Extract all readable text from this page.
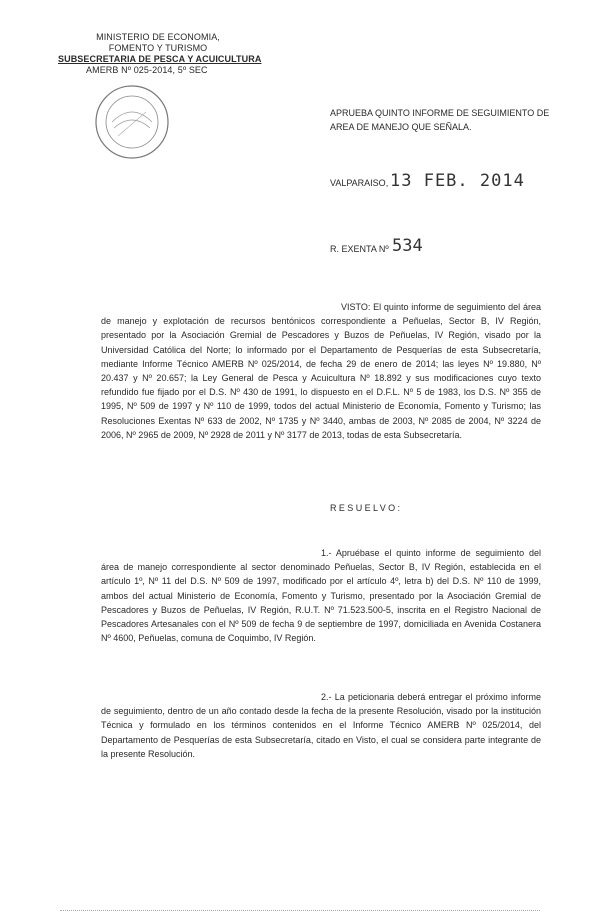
MINISTERIO DE ECONOMIA,
FOMENTO Y TURISMO
SUBSECRETARIA DE PESCA Y ACUICULTURA
AMERB Nº 025-2014, 5º SEC
APRUEBA QUINTO INFORME DE SEGUIMIENTO DE AREA DE MANEJO QUE SEÑALA.
VALPARAISO, 13 FEB. 2014
R. EXENTA Nº 534
VISTO: El quinto informe de seguimiento del área de manejo y explotación de recursos bentónicos correspondiente a Peñuelas, Sector B, IV Región, presentado por la Asociación Gremial de Pescadores y Buzos de Peñuelas, IV Región, visado por la Universidad Católica del Norte; lo informado por el Departamento de Pesquerías de esta Subsecretaría, mediante Informe Técnico AMERB Nº 025/2014, de fecha 29 de enero de 2014; las leyes Nº 19.880, Nº 20.437 y Nº 20.657; la Ley General de Pesca y Acuicultura Nº 18.892 y sus modificaciones cuyo texto refundido fue fijado por el D.S. Nº 430 de 1991, lo dispuesto en el D.F.L. Nº 5 de 1983, los D.S. Nº 355 de 1995, Nº 509 de 1997 y Nº 110 de 1999, todos del actual Ministerio de Economía, Fomento y Turismo; las Resoluciones Exentas Nº 633 de 2002, Nº 1735 y Nº 3440, ambas de 2003, Nº 2085 de 2004, Nº 3224 de 2006, Nº 2965 de 2009, Nº 2928 de 2011 y Nº 3177 de 2013, todas de esta Subsecretaría.
RESUELVO:
1.- Apruébase el quinto informe de seguimiento del área de manejo correspondiente al sector denominado Peñuelas, Sector B, IV Región, establecida en el artículo 1º, Nº 11 del D.S. Nº 509 de 1997, modificado por el artículo 4º, letra b) del D.S. Nº 110 de 1999, ambos del actual Ministerio de Economía, Fomento y Turismo, presentado por la Asociación Gremial de Pescadores y Buzos de Peñuelas, IV Región, R.U.T. Nº 71.523.500-5, inscrita en el Registro Nacional de Pescadores Artesanales con el Nº 509 de fecha 9 de septiembre de 1997, domiciliada en Avenida Costanera Nº 4600, Peñuelas, comuna de Coquimbo, IV Región.
2.- La peticionaria deberá entregar el próximo informe de seguimiento, dentro de un año contado desde la fecha de la presente Resolución, visado por la institución Técnica y formulado en los términos contenidos en el Informe Técnico AMERB Nº 025/2014, del Departamento de Pesquerías de esta Subsecretaría, citado en Visto, el cual se considera parte integrante de la presente Resolución.
